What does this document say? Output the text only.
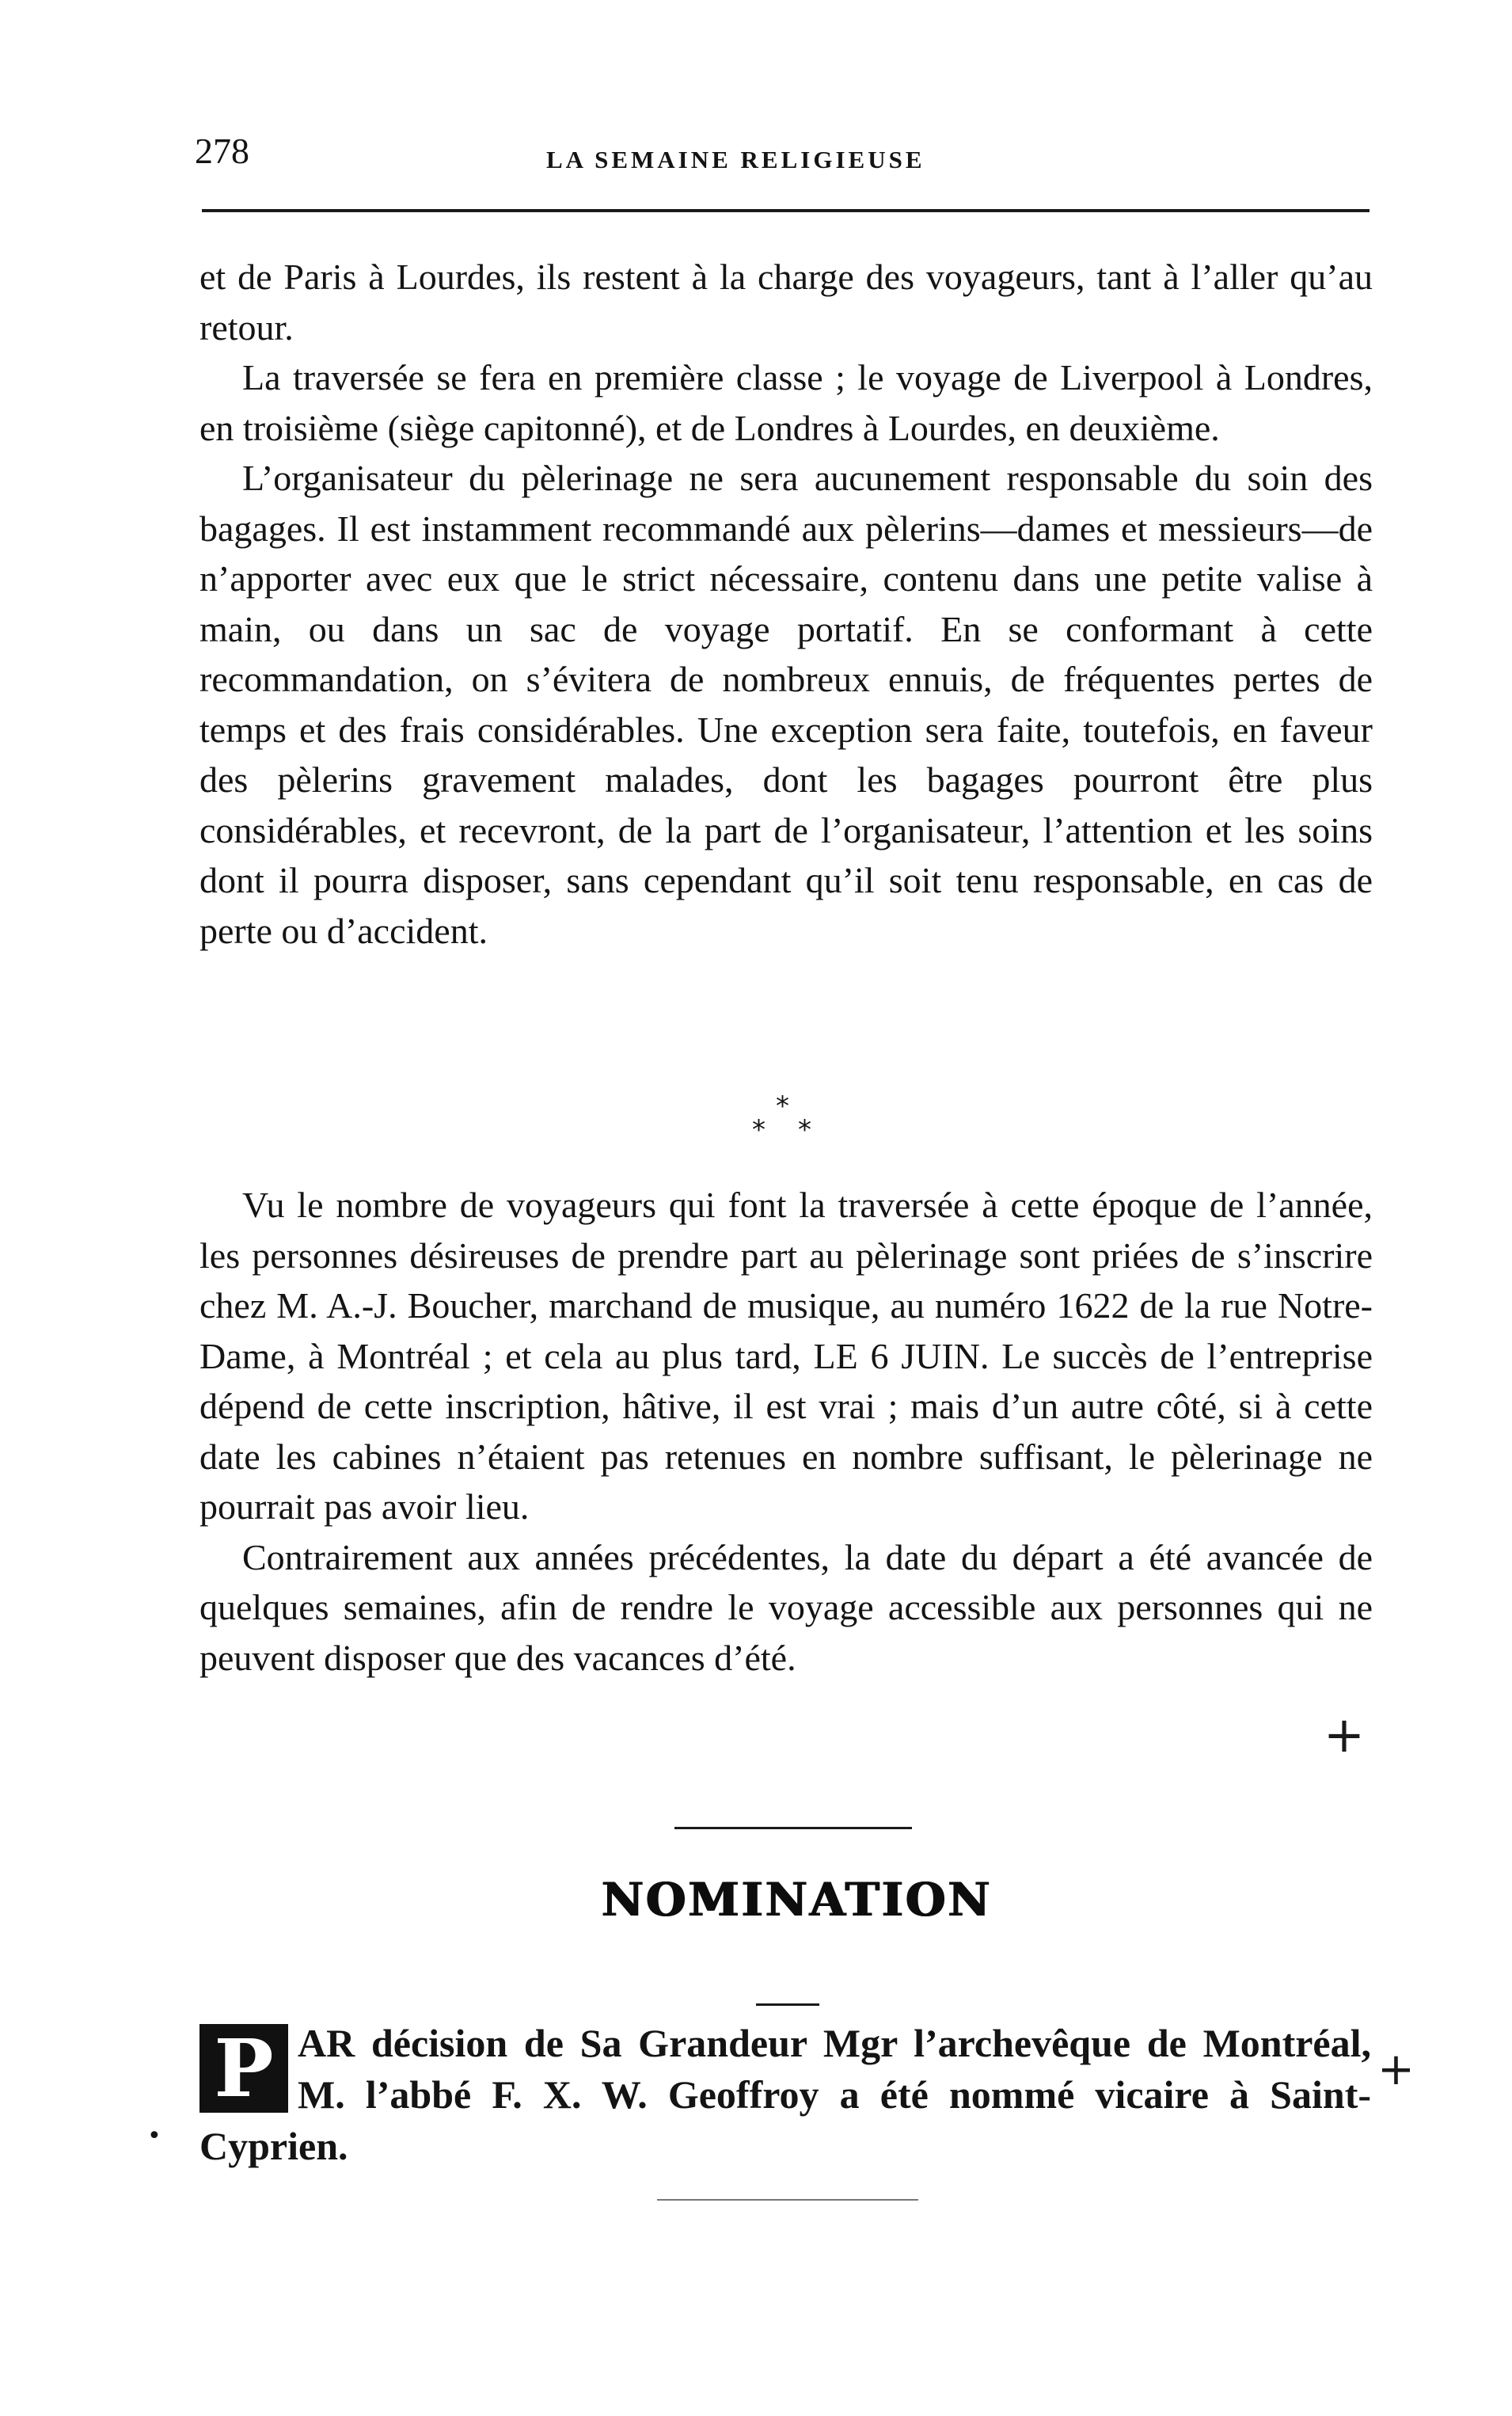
278	LA SEMAINE RELIGIEUSE

et de Paris à Lourdes, ils restent à la charge des voyageurs, tant à l’aller qu’au retour.

La traversée se fera en première classe ; le voyage de Liverpool à Londres, en troisième (siège capitonné), et de Londres à Lourdes, en deuxième.

L’organisateur du pèlerinage ne sera aucunement responsable du soin des bagages. Il est instamment recommandé aux pèlerins—dames et messieurs—de n’apporter avec eux que le strict nécessaire, contenu dans une petite valise à main, ou dans un sac de voyage portatif. En se conformant à cette recommandation, on s’évitera de nombreux ennuis, de fréquentes pertes de temps et des frais considérables. Une exception sera faite, toutefois, en faveur des pèlerins gravement malades, dont les bagages pourront être plus considérables, et recevront, de la part de l’organisateur, l’attention et les soins dont il pourra disposer, sans cependant qu’il soit tenu responsable, en cas de perte ou d’accident.

*
* *

Vu le nombre de voyageurs qui font la traversée à cette époque de l’année, les personnes désireuses de prendre part au pèlerinage sont priées de s’inscrire chez M. A.-J. Boucher, marchand de musique, au numéro 1622 de la rue Notre-Dame, à Montréal ; et cela au plus tard, LE 6 JUIN. Le succès de l’entreprise dépend de cette inscription, hâtive, il est vrai ; mais d’un autre côté, si à cette date les cabines n’étaient pas retenues en nombre suffisant, le pèlerinage ne pourrait pas avoir lieu.

Contrairement aux années précédentes, la date du départ a été avancée de quelques semaines, afin de rendre le voyage accessible aux personnes qui ne peuvent disposer que des vacances d’été.

+
NOMINATION
P AR décision de Sa Grandeur Mgr l’archevêque de Montréal, M. l’abbé F. X. W. Geoffroy a été nommé vicaire à Saint-Cyprien.

+
•
